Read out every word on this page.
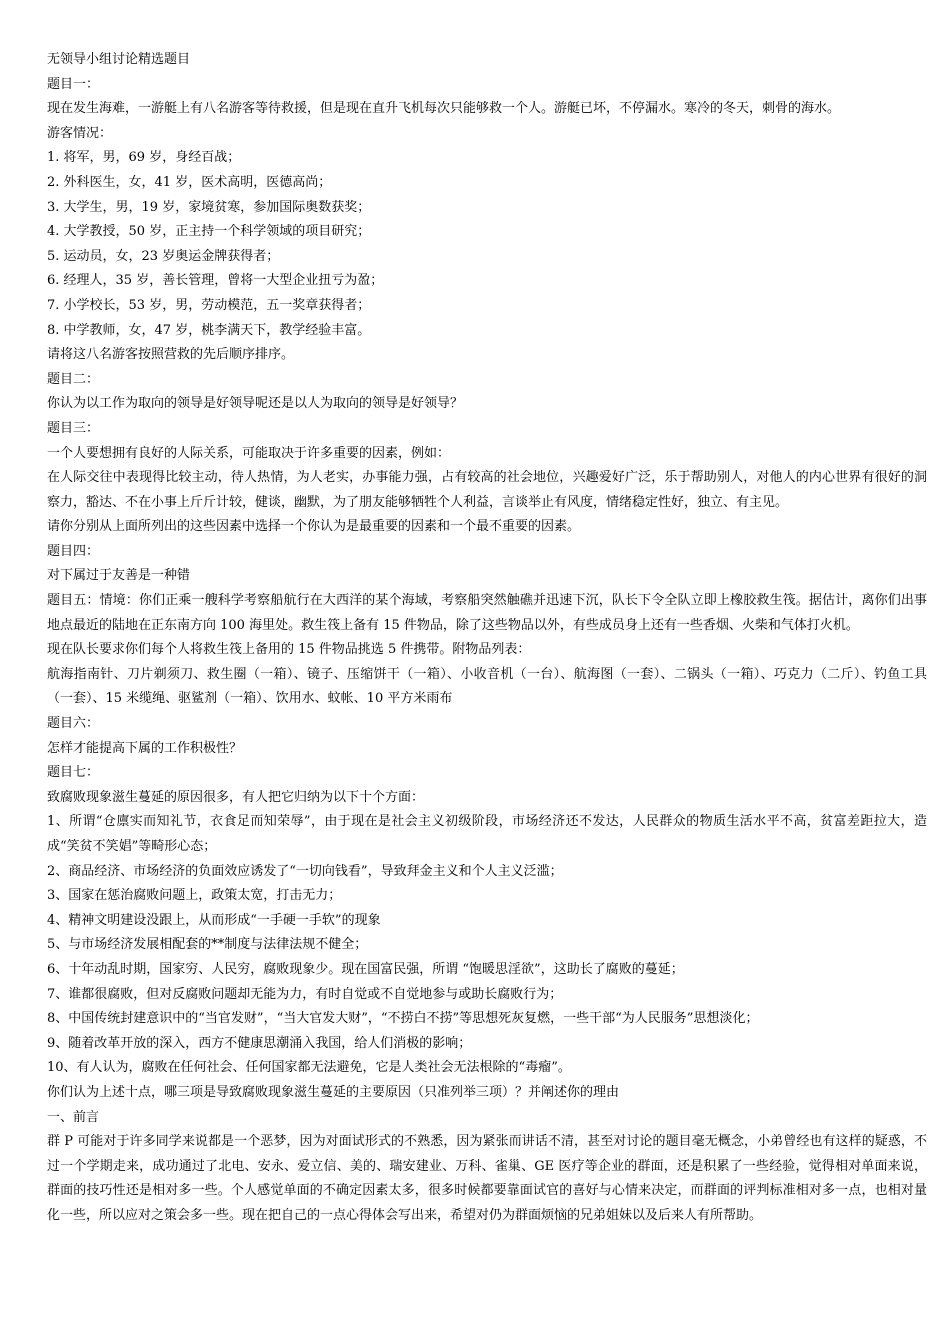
无领导小组讨论精选题目

题目一：

现在发生海难，一游艇上有八名游客等待救援，但是现在直升飞机每次只能够救一个人。游艇已坏，不停漏水。寒冷的冬天，刺骨的海水。

游客情况：

1. 将军，男，69 岁，身经百战；

2. 外科医生，女，41 岁，医术高明，医德高尚；

3. 大学生，男，19 岁，家境贫寒，参加国际奥数获奖；

4. 大学教授，50 岁，正主持一个科学领域的项目研究；

5. 运动员，女，23 岁奥运金牌获得者；

6. 经理人，35 岁，善长管理，曾将一大型企业扭亏为盈；

7. 小学校长，53 岁，男，劳动模范，五一奖章获得者；

8. 中学教师，女，47 岁，桃李满天下，教学经验丰富。

请将这八名游客按照营救的先后顺序排序。

题目二：

你认为以工作为取向的领导是好领导呢还是以人为取向的领导是好领导？

题目三：

一个人要想拥有良好的人际关系，可能取决于许多重要的因素，例如：

在人际交往中表现得比较主动，待人热情，为人老实，办事能力强，占有较高的社会地位，兴趣爱好广泛，乐于帮助别人，对他人的内心世界有很好的洞察力，豁达、不在小事上斤斤计较，健谈，幽默，为了朋友能够牺牲个人利益，言谈举止有风度，情绪稳定性好，独立、有主见。

请你分别从上面所列出的这些因素中选择一个你认为是最重要的因素和一个最不重要的因素。

题目四：

对下属过于友善是一种错

题目五：情境：你们正乘一艘科学考察船航行在大西洋的某个海域，考察船突然触礁并迅速下沉，队长下令全队立即上橡胶救生筏。据估计，离你们出事地点最近的陆地在正东南方向 100 海里处。救生筏上备有 15 件物品，除了这些物品以外，有些成员身上还有一些香烟、火柴和气体打火机。

现在队长要求你们每个人将救生筏上备用的 15 件物品挑选 5 件携带。附物品列表：

航海指南针、刀片剃须刀、救生圈（一箱）、镜子、压缩饼干（一箱）、小收音机（一台）、航海图（一套）、二锅头（一箱）、巧克力（二斤）、钓鱼工具（一套）、15 米缆绳、驱鲨剂（一箱）、饮用水、蚊帐、10 平方米雨布

题目六：

怎样才能提高下属的工作积极性？

题目七：

致腐败现象滋生蔓延的原因很多，有人把它归纳为以下十个方面：

1、所谓“仓廪实而知礼节，衣食足而知荣辱”，由于现在是社会主义初级阶段，市场经济还不发达，人民群众的物质生活水平不高，贫富差距拉大，造成“笑贫不笑娼”等畸形心态；

2、商品经济、市场经济的负面效应诱发了“一切向钱看”，导致拜金主义和个人主义泛滥；

3、国家在惩治腐败问题上，政策太宽，打击无力；

4、精神文明建设没跟上，从而形成“一手硬一手软”的现象

5、与市场经济发展相配套的**制度与法律法规不健全；

6、十年动乱时期，国家穷、人民穷，腐败现象少。现在国富民强，所谓 “饱暖思淫欲”，这助长了腐败的蔓延；

7、谁都很腐败，但对反腐败问题却无能为力，有时自觉或不自觉地参与或助长腐败行为；

8、中国传统封建意识中的“当官发财”，“当大官发大财”，“不捞白不捞”等思想死灰复燃，一些干部“为人民服务”思想淡化；

9、随着改革开放的深入，西方不健康思潮涌入我国，给人们消极的影响；

10、有人认为，腐败在任何社会、任何国家都无法避免，它是人类社会无法根除的“毒瘤”。

你们认为上述十点，哪三项是导致腐败现象滋生蔓延的主要原因（只准列举三项）？并阐述你的理由

一、前言

群 P 可能对于许多同学来说都是一个恶梦，因为对面试形式的不熟悉，因为紧张而讲话不清，甚至对讨论的题目毫无概念，小弟曾经也有这样的疑惑，不过一个学期走来，成功通过了北电、安永、爱立信、美的、瑞安建业、万科、雀巢、GE 医疗等企业的群面，还是积累了一些经验，觉得相对单面来说，群面的技巧性还是相对多一些。个人感觉单面的不确定因素太多，很多时候都要靠面试官的喜好与心情来决定，而群面的评判标准相对多一点，也相对量化一些，所以应对之策会多一些。现在把自己的一点心得体会写出来，希望对仍为群面烦恼的兄弟姐妹以及后来人有所帮助。
